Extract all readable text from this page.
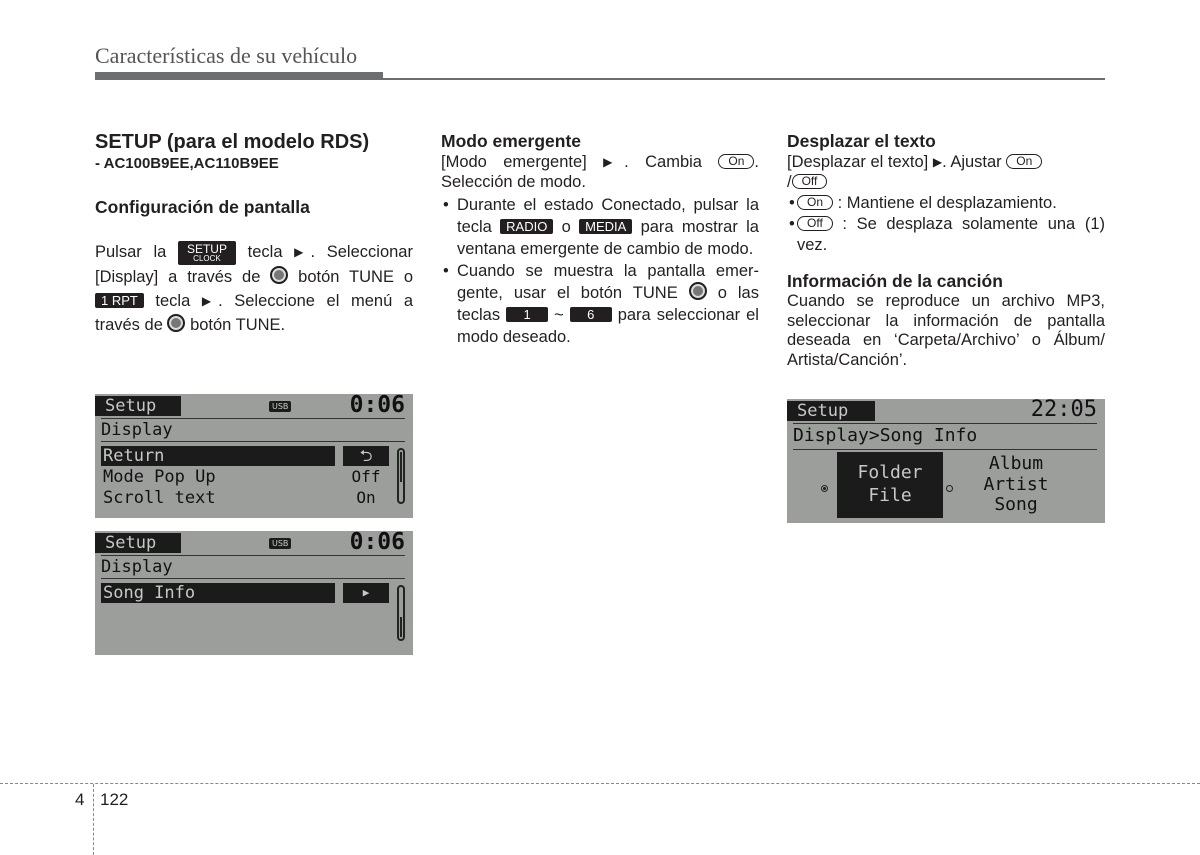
Características de su vehículo
SETUP (para el modelo RDS)
- AC100B9EE,AC110B9EE
Configuración de pantalla

Pulsar la SETUP
CLOCK	tecla ▶. Seleccionar [Display] a través de botón TUNE o 1 RPT tecla ▶. Seleccione el menú a través de botón TUNE.

Setup	USB	0:06
Display
Return	⮌
Mode Pop Up	Off
Scroll text	On
Setup	USB	0:06
Display
Song Info	▶
Modo emergente

[Modo emergente] ▶. Cambia On . Selección de modo.

• Durante el estado Conectado, pulsar la tecla RADIO o MEDIA para mostrar la ventana emergente de cambio de modo.
• Cuando se muestra la pantalla emer-gente, usar el botón TUNE o las teclas 1 ~ 6 para seleccionar el modo deseado.
Desplazar el texto

[Desplazar el texto] ▶. Ajustar On
/ Off

• On : Mantiene el desplazamiento.
• Off : Se desplaza solamente una (1) vez.
Información de la canción

Cuando se reproduce un archivo MP3, seleccionar la información de pantalla deseada en ‘Carpeta/Archivo’ o Álbum/ Artista/Canción’.

Setup	22:05
Display>Song Info
Folder
File
Album
Artist
Song
4 122
